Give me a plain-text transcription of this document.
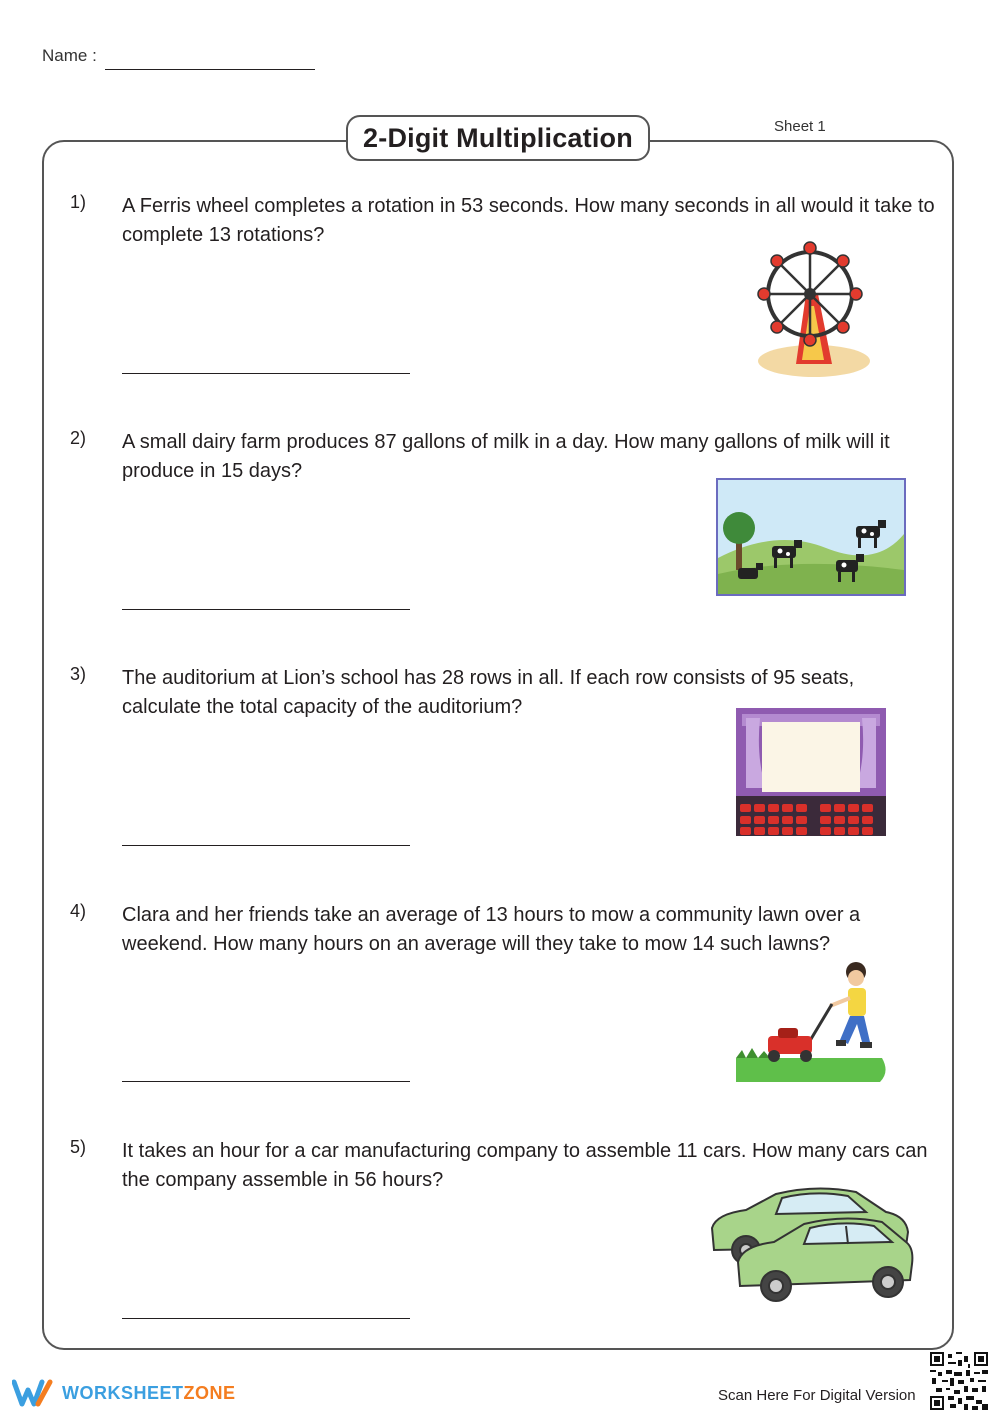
Name :
2-Digit Multiplication	Sheet 1
1) A Ferris wheel completes a rotation in 53 seconds. How many seconds in all would it take to complete 13 rotations?
2) A small dairy farm produces 87 gallons of milk in a day. How many gallons of milk will it produce in 15 days?
3) The auditorium at Lion’s school has 28 rows in all. If each row consists of 95 seats, calculate the total capacity of the auditorium?
4) Clara and her friends take an average of 13 hours to mow a community lawn over a weekend. How many hours on an average will they take to mow 14 such lawns?
5) It takes an hour for a car manufacturing company to assemble 11 cars. How many cars can the company assemble in 56 hours?
WORKSHEETZONE	Scan Here For Digital Version
